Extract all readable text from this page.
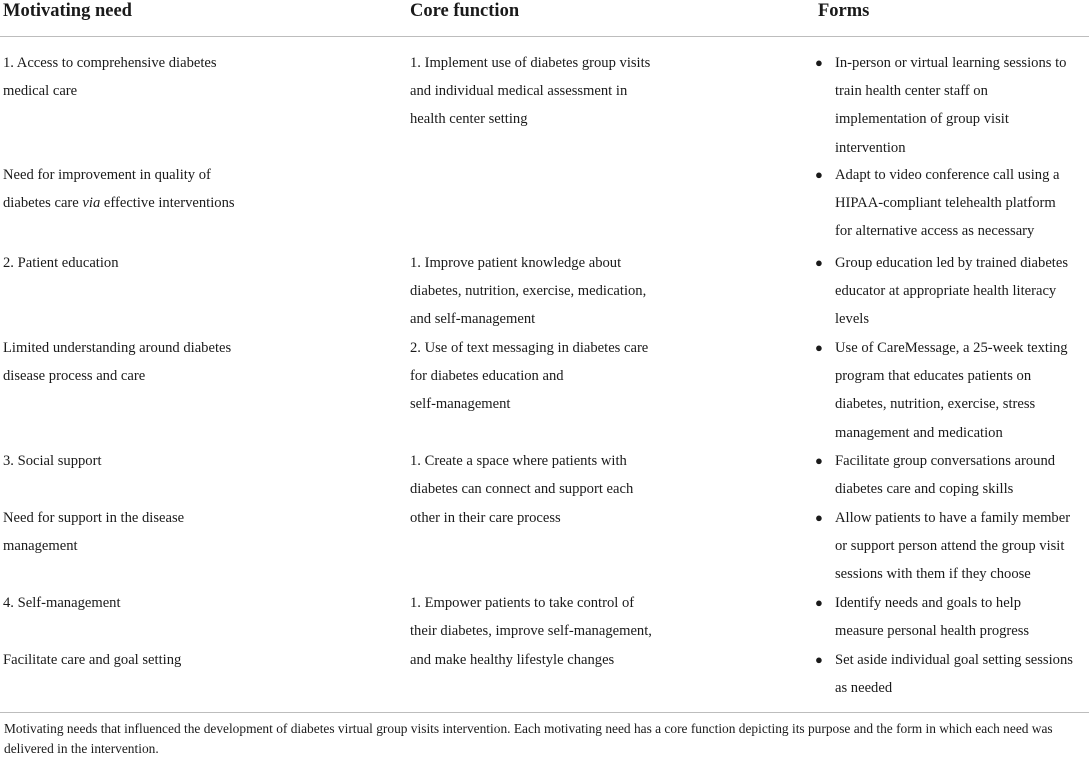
Motivating need	Core function	Forms
1. Access to comprehensive diabetes
medical care
Need for improvement in quality of
diabetes care via effective interventions
2. Patient education
Limited understanding around diabetes
disease process and care
3. Social support
Need for support in the disease
management
4. Self-management
Facilitate care and goal setting
1. Implement use of diabetes group visits
and individual medical assessment in
health center setting
1. Improve patient knowledge about
diabetes, nutrition, exercise, medication,
and self-management
2. Use of text messaging in diabetes care
for diabetes education and
self-management
1. Create a space where patients with
diabetes can connect and support each
other in their care process
1. Empower patients to take control of
their diabetes, improve self-management,
and make healthy lifestyle changes
● In-person or virtual learning sessions to
train health center staff on
implementation of group visit
intervention
● Adapt to video conference call using a
HIPAA-compliant telehealth platform
for alternative access as necessary
● Group education led by trained diabetes
educator at appropriate health literacy
levels
● Use of CareMessage, a 25-week texting
program that educates patients on
diabetes, nutrition, exercise, stress
management and medication
● Facilitate group conversations around
diabetes care and coping skills
● Allow patients to have a family member
or support person attend the group visit
sessions with them if they choose
● Identify needs and goals to help
measure personal health progress
● Set aside individual goal setting sessions
as needed
Motivating needs that influenced the development of diabetes virtual group visits intervention. Each motivating need has a core function depicting its purpose and the form in which each need was delivered in the intervention.
